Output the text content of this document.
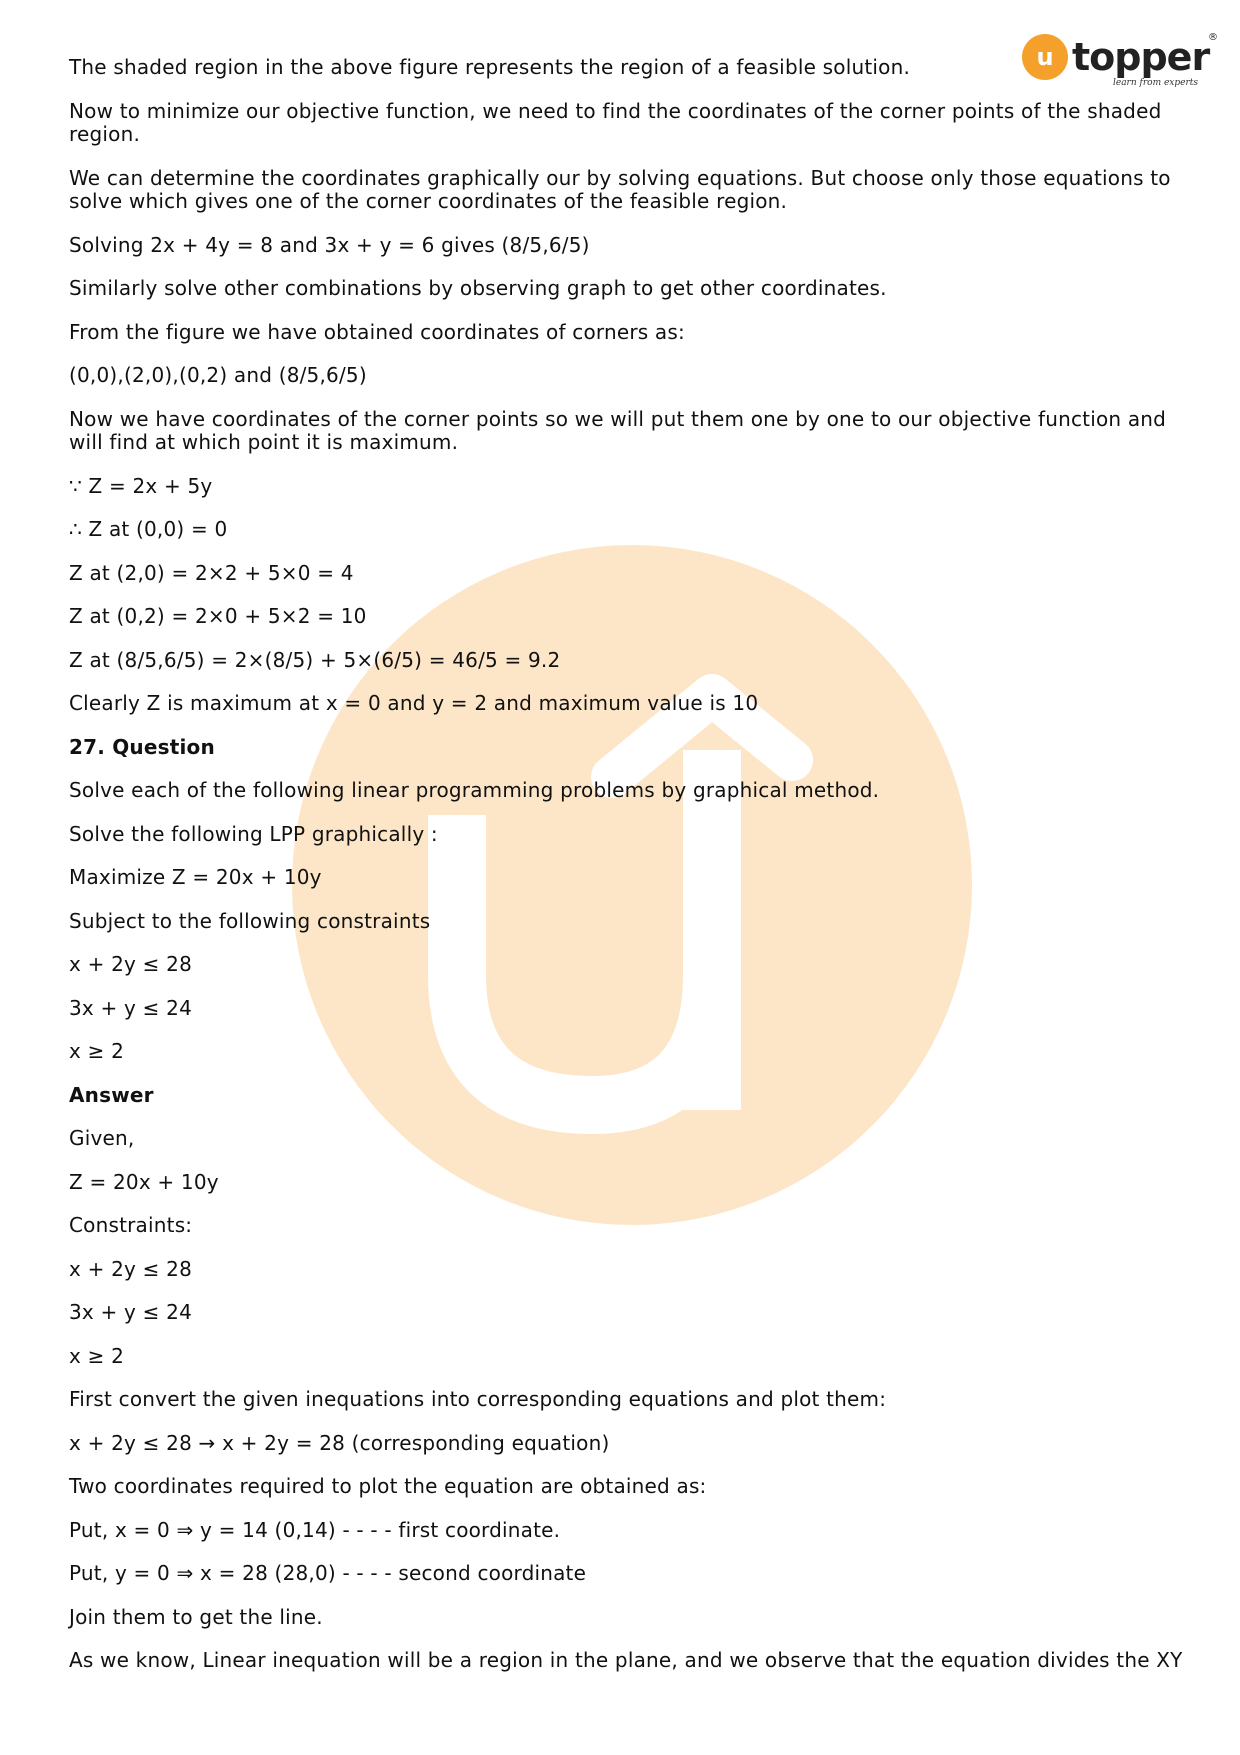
u topper
®
learn from experts

The shaded region in the above figure represents the region of a feasible solution.

Now to minimize our objective function, we need to find the coordinates of the corner points of the shaded region.

We can determine the coordinates graphically our by solving equations. But choose only those equations to solve which gives one of the corner coordinates of the feasible region.

Solving 2x + 4y = 8 and 3x + y = 6 gives (8/5,6/5)

Similarly solve other combinations by observing graph to get other coordinates.

From the figure we have obtained coordinates of corners as:

(0,0),(2,0),(0,2) and (8/5,6/5)

Now we have coordinates of the corner points so we will put them one by one to our objective function and will find at which point it is maximum.

∵ Z = 2x + 5y

∴ Z at (0,0) = 0

Z at (2,0) = 2×2 + 5×0 = 4

Z at (0,2) = 2×0 + 5×2 = 10

Z at (8/5,6/5) = 2×(8/5) + 5×(6/5) = 46/5 = 9.2

Clearly Z is maximum at x = 0 and y = 2 and maximum value is 10

27. Question

Solve each of the following linear programming problems by graphical method.

Solve the following LPP graphically :

Maximize Z = 20x + 10y

Subject to the following constraints

x + 2y ≤ 28

3x + y ≤ 24

x ≥ 2

Answer

Given,

Z = 20x + 10y

Constraints:

x + 2y ≤ 28

3x + y ≤ 24

x ≥ 2

First convert the given inequations into corresponding equations and plot them:

x + 2y ≤ 28 → x + 2y = 28 (corresponding equation)

Two coordinates required to plot the equation are obtained as:

Put, x = 0 ⇒ y = 14 (0,14) - - - - first coordinate.

Put, y = 0 ⇒ x = 28 (28,0) - - - - second coordinate

Join them to get the line.

As we know, Linear inequation will be a region in the plane, and we observe that the equation divides the XY
